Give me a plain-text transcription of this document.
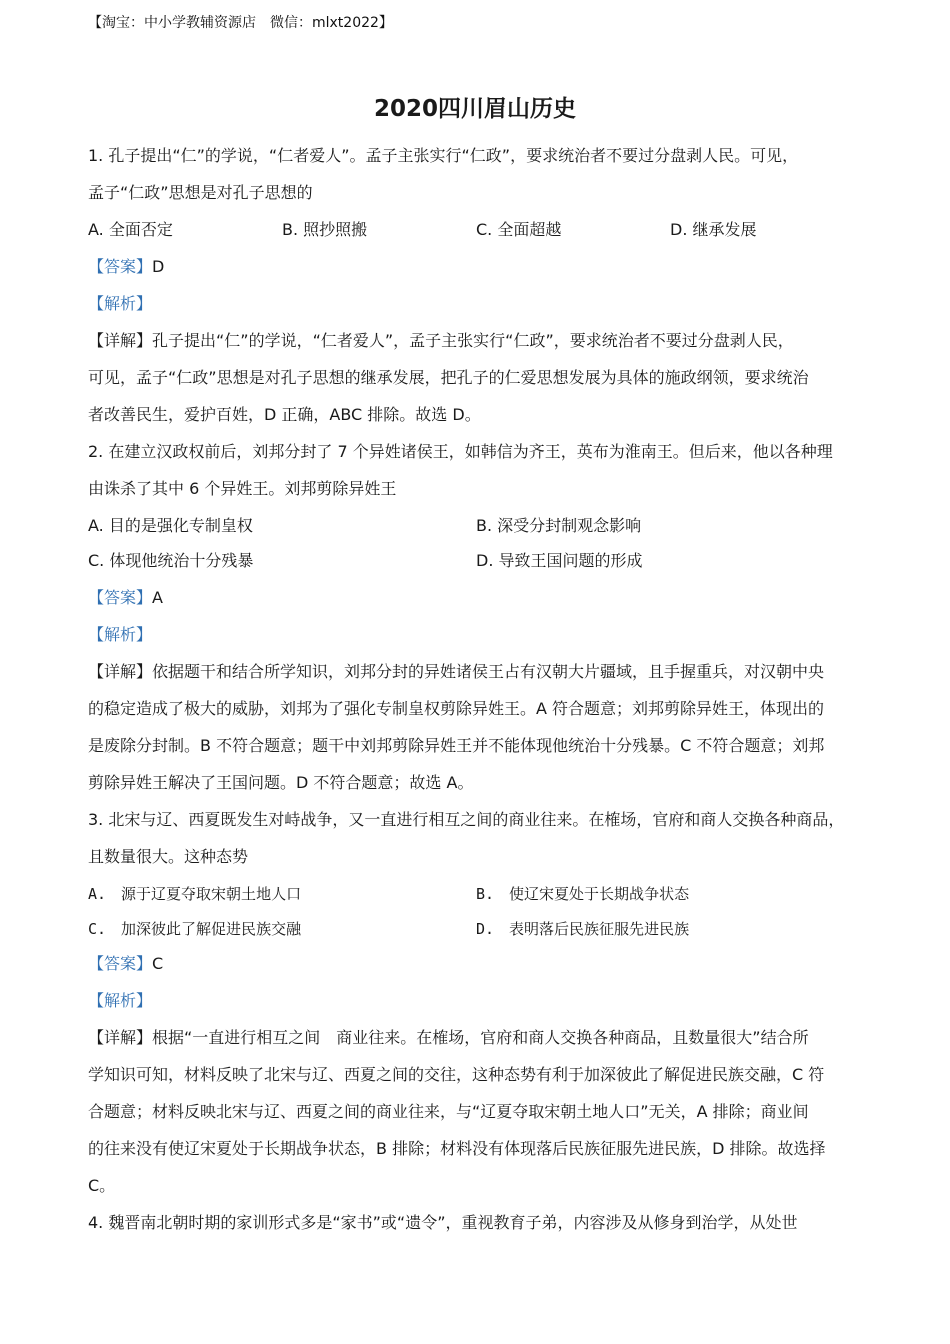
【淘宝：中小学教辅资源店　微信：mlxt2022】
2020四川眉山历史
1. 孔子提出“仁”的学说，“仁者爱人”。孟子主张实行“仁政”，要求统治者不要过分盘剥人民。可见，
孟子“仁政”思想是对孔子思想的
A. 全面否定	B. 照抄照搬	C. 全面超越	D. 继承发展
【答案】D
【解析】
【详解】孔子提出“仁”的学说，“仁者爱人”，孟子主张实行“仁政”，要求统治者不要过分盘剥人民，
可见，孟子“仁政”思想是对孔子思想的继承发展，把孔子的仁爱思想发展为具体的施政纲领，要求统治
者改善民生，爱护百姓，D 正确，ABC 排除。故选 D。
2. 在建立汉政权前后，刘邦分封了 7 个异姓诸侯王，如韩信为齐王，英布为淮南王。但后来，他以各种理
由诛杀了其中 6 个异姓王。刘邦剪除异姓王
A. 目的是强化专制皇权	B. 深受分封制观念影响
C. 体现他统治十分残暴	D. 导致王国问题的形成
【答案】A
【解析】
【详解】依据题干和结合所学知识，刘邦分封的异姓诸侯王占有汉朝大片疆域，且手握重兵，对汉朝中央
的稳定造成了极大的威胁，刘邦为了强化专制皇权剪除异姓王。A 符合题意；刘邦剪除异姓王，体现出的
是废除分封制。B 不符合题意；题干中刘邦剪除异姓王并不能体现他统治十分残暴。C 不符合题意；刘邦
剪除异姓王解决了王国问题。D 不符合题意；故选 A。
3. 北宋与辽、西夏既发生对峙战争，又一直进行相互之间的商业往来。在榷场，官府和商人交换各种商品，
且数量很大。这种态势
A.　源于辽夏夺取宋朝土地人口	B.　使辽宋夏处于长期战争状态
C.　加深彼此了解促进民族交融	D.　表明落后民族征服先进民族
【答案】C
【解析】
【详解】根据“一直进行相互之间　商业往来。在榷场，官府和商人交换各种商品，且数量很大”结合所
学知识可知，材料反映了北宋与辽、西夏之间的交往，这种态势有利于加深彼此了解促进民族交融，C 符
合题意；材料反映北宋与辽、西夏之间的商业往来，与“辽夏夺取宋朝土地人口”无关，A 排除；商业间
的往来没有使辽宋夏处于长期战争状态，B 排除；材料没有体现落后民族征服先进民族，D 排除。故选择
C。
4. 魏晋南北朝时期的家训形式多是“家书”或“遗令”，重视教育子弟，内容涉及从修身到治学，从处世
